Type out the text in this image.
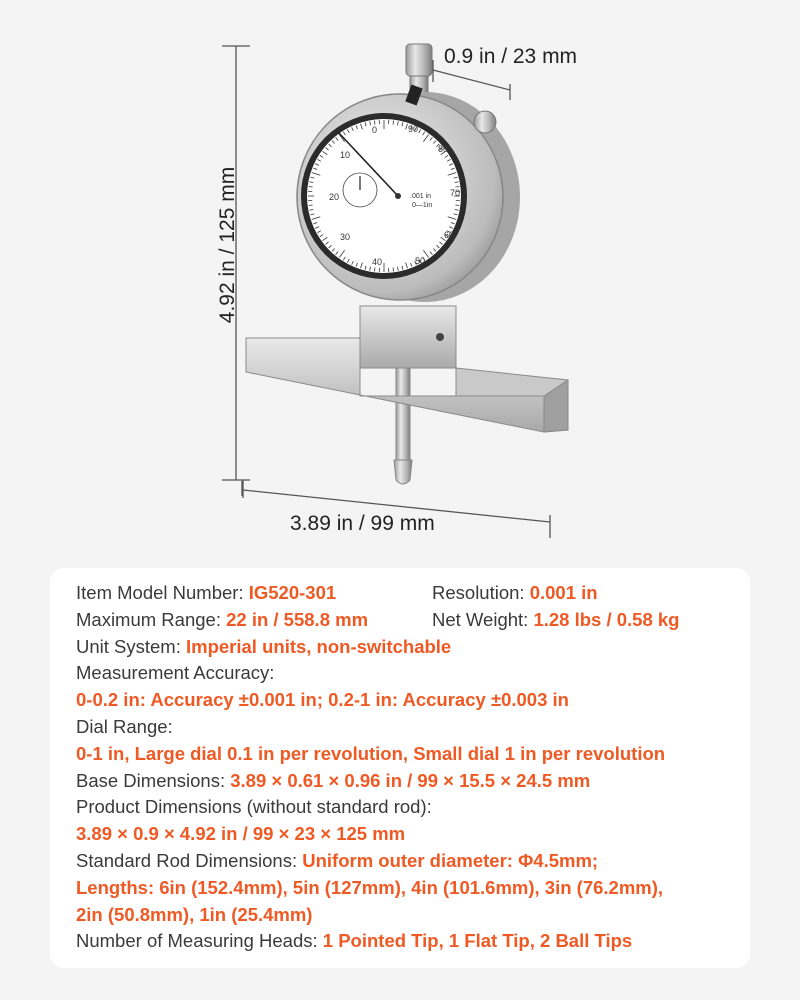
0	90
10
80
20	70
30	60
40	50
.001 in
0—1in
4.92 in / 125 mm
3.89 in / 99 mm
0.9 in / 23 mm
Item Model Number: IG520-301	Resolution: 0.001 in
Maximum Range: 22 in / 558.8 mm	Net Weight: 1.28 lbs / 0.58 kg
Unit System: Imperial units, non-switchable
Measurement Accuracy:
0-0.2 in: Accuracy ±0.001 in; 0.2-1 in: Accuracy ±0.003 in
Dial Range:
0-1 in, Large dial 0.1 in per revolution, Small dial 1 in per revolution
Base Dimensions: 3.89 × 0.61 × 0.96 in / 99 × 15.5 × 24.5 mm
Product Dimensions (without standard rod):
3.89 × 0.9 × 4.92 in / 99 × 23 × 125 mm
Standard Rod Dimensions: Uniform outer diameter: Φ4.5mm;
Lengths: 6in (152.4mm), 5in (127mm), 4in (101.6mm), 3in (76.2mm),
2in (50.8mm), 1in (25.4mm)
Number of Measuring Heads: 1 Pointed Tip, 1 Flat Tip, 2 Ball Tips
